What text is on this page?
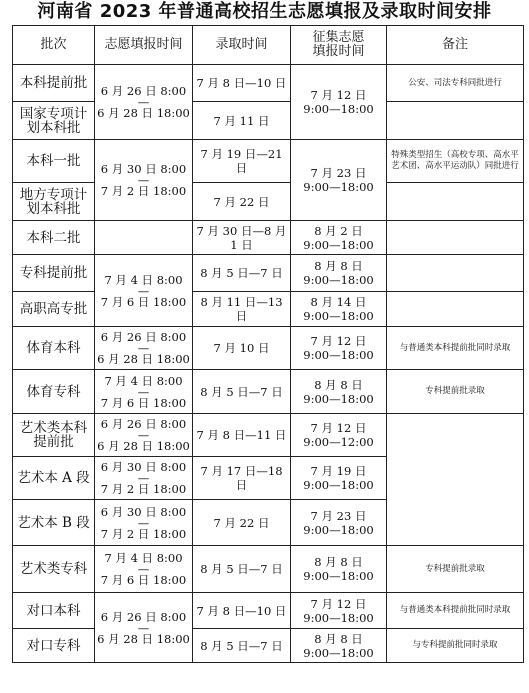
河南省 2023 年普通高校招生志愿填报及录取时间安排
批次	志愿填报时间	录取时间	征集志愿
填报时间	备注
本科提前批	6 月 26 日 8:00
—
6 月 28 日 18:00	7 月 8 日—10 日	7 月 12 日
9:00—18:00	公安、司法专科同批进行
国家专项计划本科批		7 月 11 日		
本科一批	6 月 30 日 8:00
—
7 月 2 日 18:00	7 月 19 日—21 日	7 月 23 日
9:00—18:00	特殊类型招生（高校专项、高水平艺术团、高水平运动队）同批进行
地方专项计划本科批		7 月 22 日		
本科二批		7 月 30 日—8 月 1 日	8 月 2 日
9:00—18:00	

专科提前批	7 月 4 日 8:00
—
7 月 6 日 18:00	8 月 5 日—7 日	8 月 8 日
9:00—18:00	

高职高专批		8 月 11 日—13 日	8 月 14 日
9:00—18:00	

体育本科	6 月 26 日 8:00
—
6 月 28 日 18:00	7 月 10 日	7 月 12 日
9:00—18:00	与普通类本科提前批同时录取
体育专科	7 月 4 日 8:00
—
7 月 6 日 18:00	8 月 5 日—7 日	8 月 8 日
9:00—18:00	专科提前批录取
艺术类本科提前批	6 月 26 日 8:00
—
6 月 28 日 18:00	7 月 8 日—11 日	7 月 12 日
9:00—12:00	

艺术本 A 段	6 月 30 日 8:00
—
7 月 2 日 18:00	7 月 17 日—18 日	7 月 19 日
9:00—18:00	

艺术本 B 段	6 月 30 日 8:00
—
7 月 2 日 18:00	7 月 22 日	7 月 23 日
9:00—18:00	

艺术类专科	7 月 4 日 8:00
—
7 月 6 日 18:00	8 月 5 日—7 日	8 月 8 日
9:00—18:00	专科提前批录取
对口本科	6 月 26 日 8:00
—
6 月 28 日 18:00	7 月 8 日—10 日	7 月 12 日
9:00—18:00	与普通类本科提前批同时录取
对口专科		8 月 5 日—7 日	8 月 8 日
9:00—18:00	与专科提前批同时录取
